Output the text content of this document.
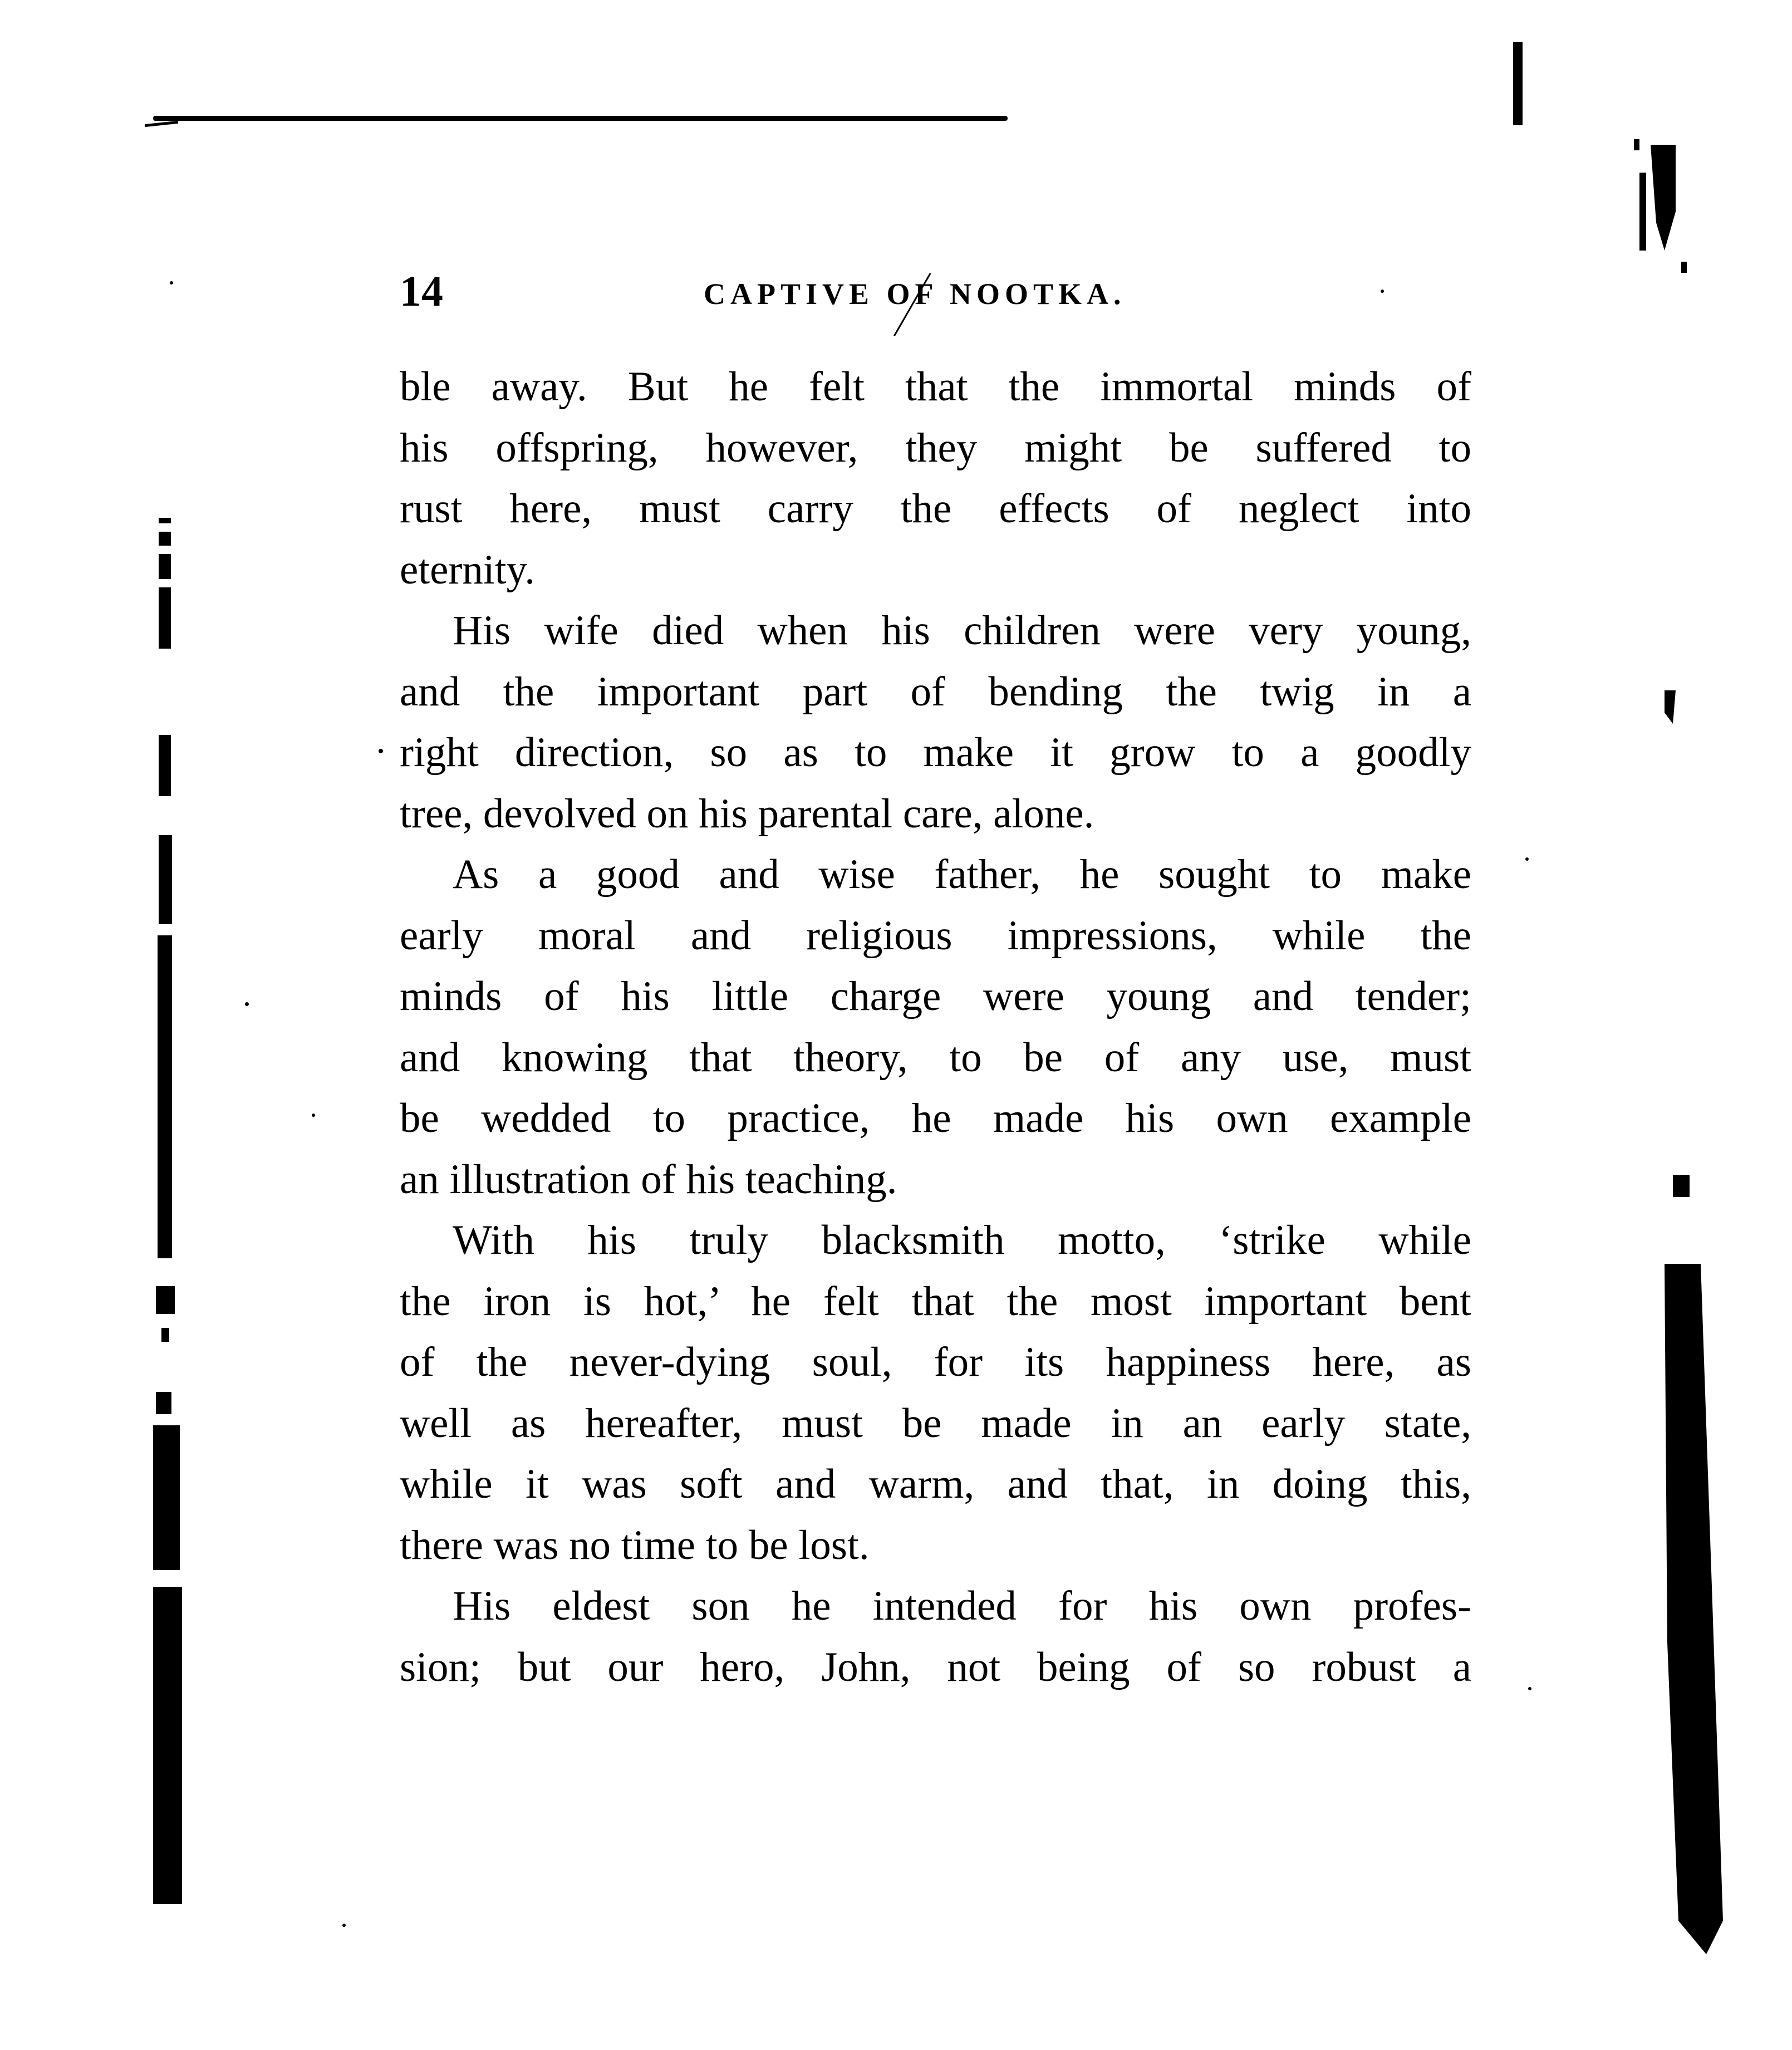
14	CAPTIVE OF NOOTKA.

ble away. But he felt that the immortal minds of
his offspring, however, they might be suffered to
rust here, must carry the effects of neglect into
eternity.

His wife died when his children were very young,
and the important part of bending the twig in a
right direction, so as to make it grow to a goodly
tree, devolved on his parental care, alone.

As a good and wise father, he sought to make
early moral and religious impressions, while the
minds of his little charge were young and tender;
and knowing that theory, to be of any use, must
be wedded to practice, he made his own example
an illustration of his teaching.

With his truly blacksmith motto, ‘strike while
the iron is hot,’ he felt that the most important bent
of the never-dying soul, for its happiness here, as
well as hereafter, must be made in an early state,
while it was soft and warm, and that, in doing this,
there was no time to be lost.

His eldest son he intended for his own profes-
sion; but our hero, John, not being of so robust a
